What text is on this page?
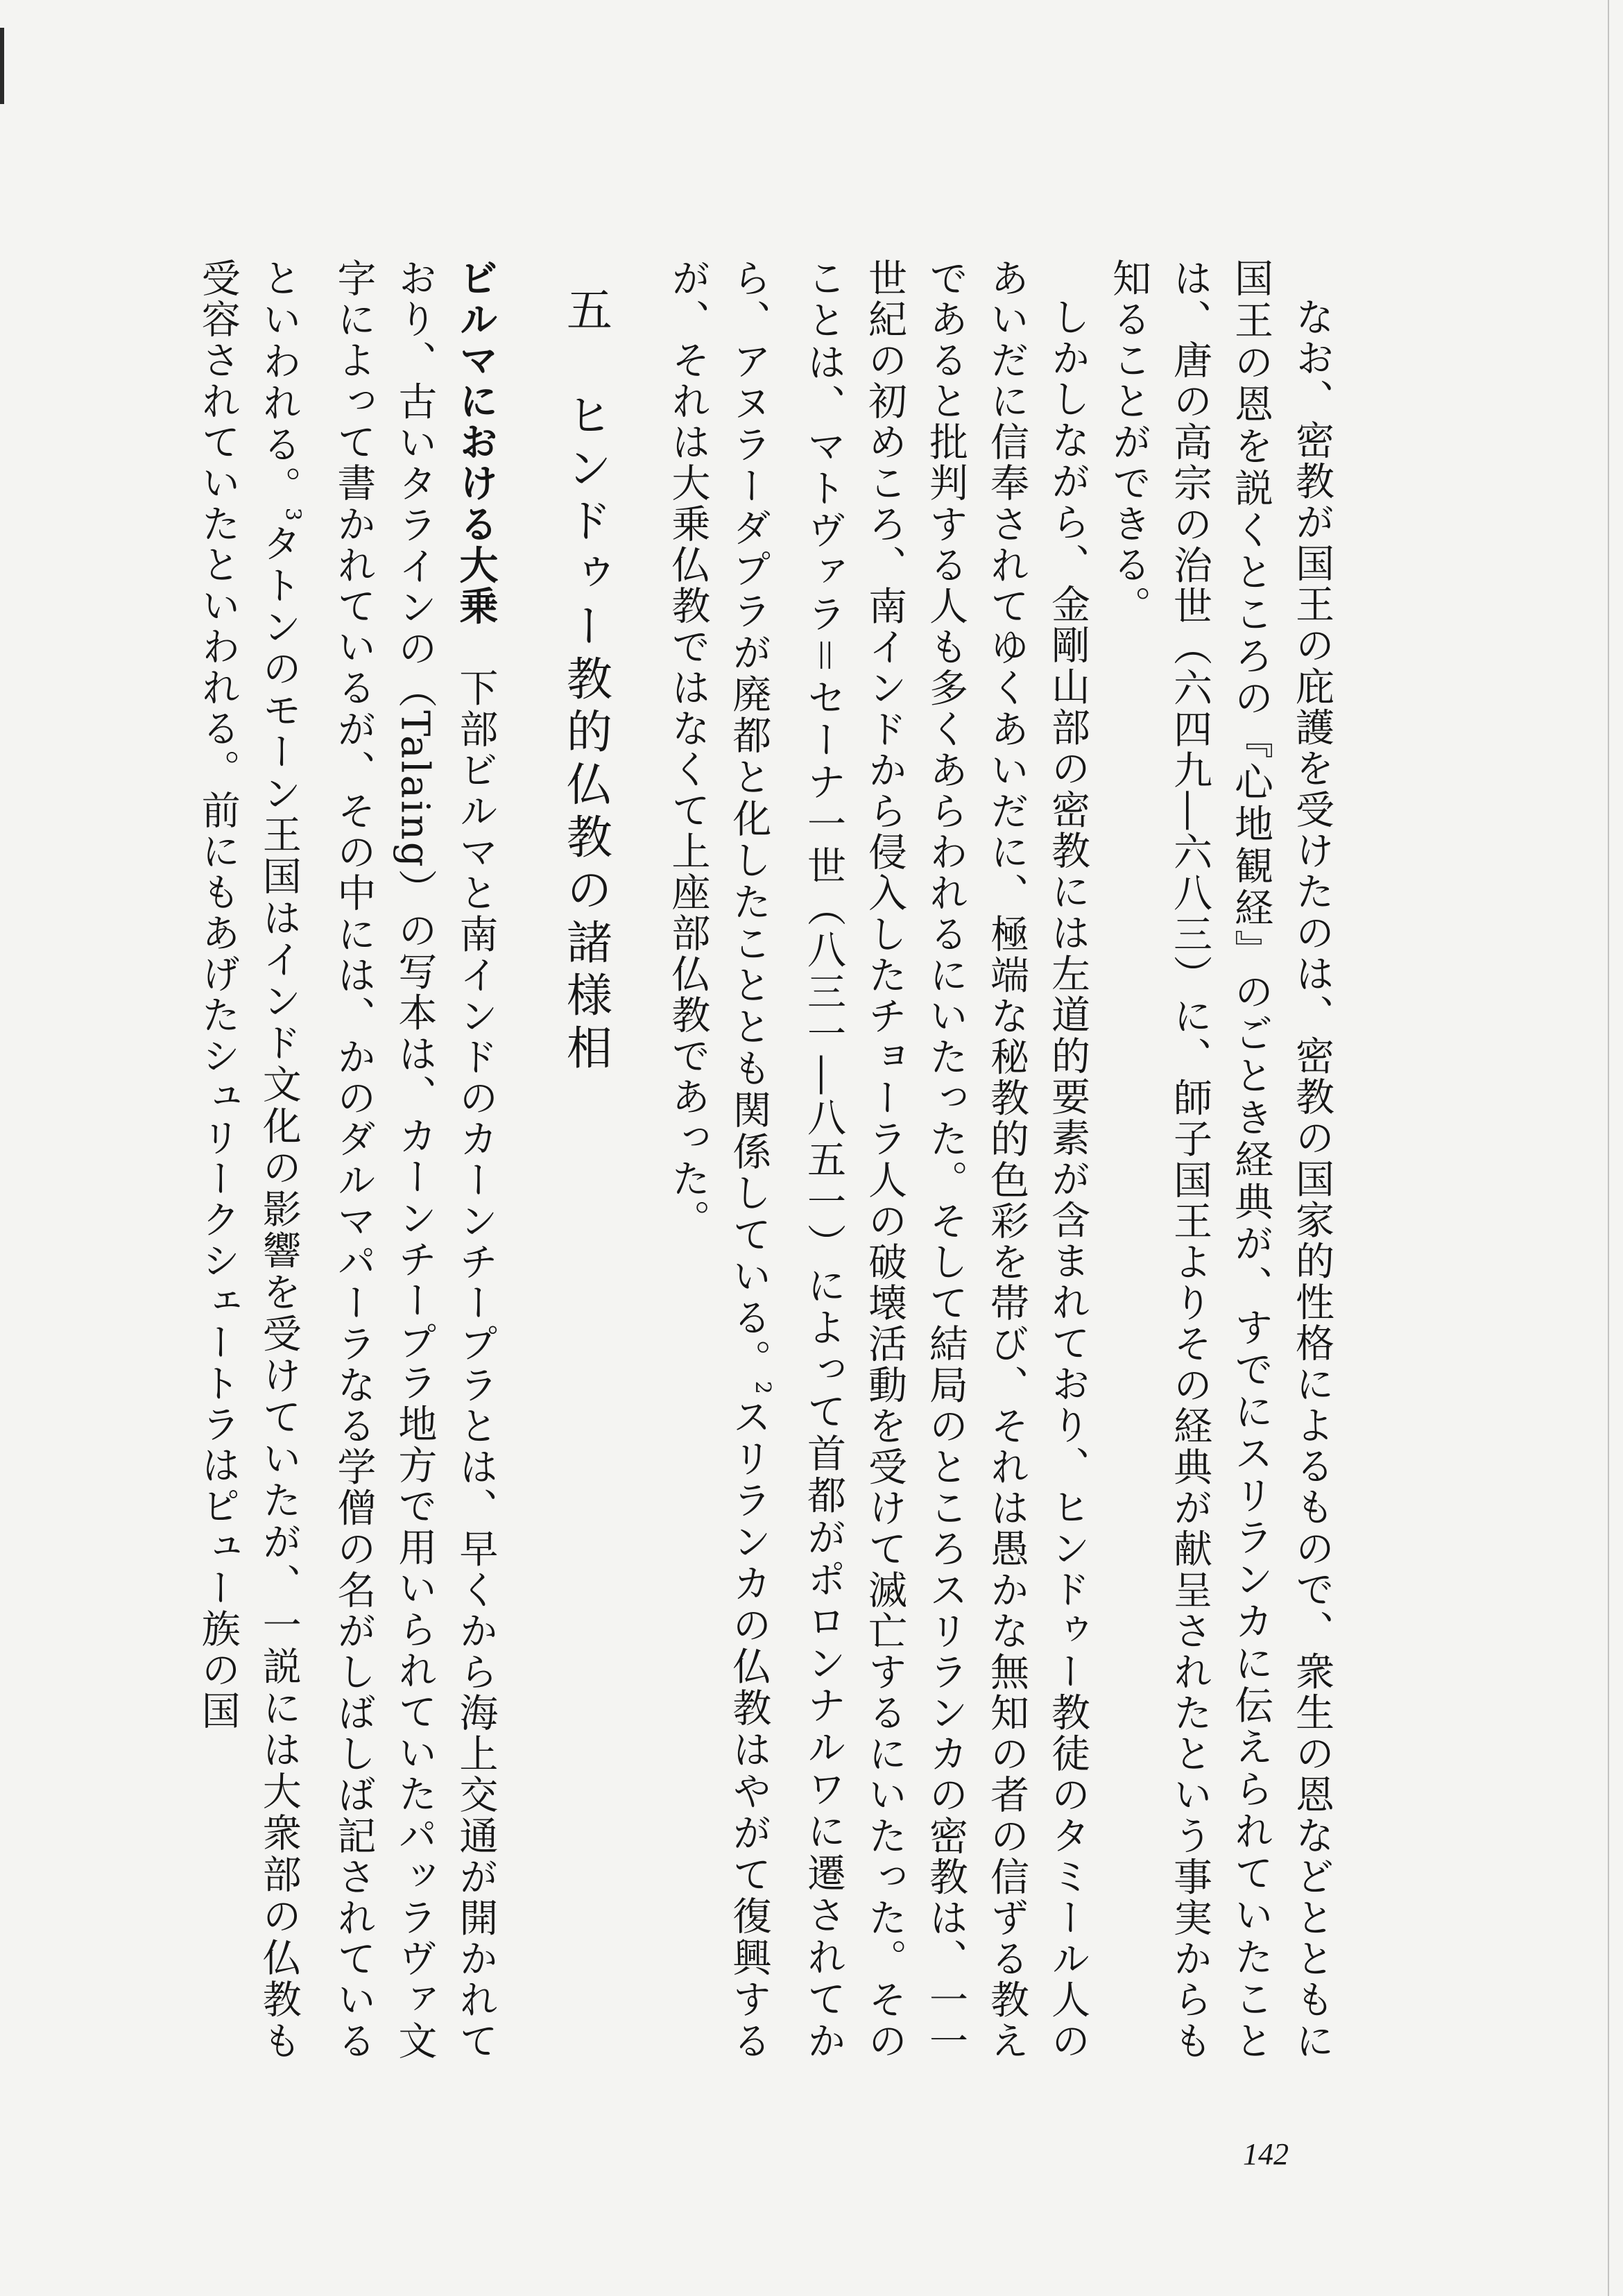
なお、密教が国王の庇護を受けたのは、密教の国家的性格によるもので、衆生の恩などとともに国王の恩を説くところの『心地観経』のごとき経典が、すでにスリランカに伝えられていたことは、唐の高宗の治世（六四九―六八三）に、師子国王よりその経典が献呈されたという事実からも知ることができる。

しかしながら、金剛山部の密教には左道的要素が含まれており、ヒンドゥー教徒のタミール人のあいだに信奉されてゆくあいだに、極端な秘教的色彩を帯び、それは愚かな無知の者の信ずる教えであると批判する人も多くあらわれるにいたった。そして結局のところスリランカの密教は、一一世紀の初めころ、南インドから侵入したチョーラ人の破壊活動を受けて滅亡するにいたった。そのことは、マトヴァラ＝セーナ一世（八三一―八五一）によって首都がポロンナルワに遷されてから、アヌラーダプラが廃都と化したこととも関係している。$^2$スリランカの仏教はやがて復興するが、それは大乗仏教ではなくて上座部仏教であった。

五　ヒンドゥー教的仏教の諸様相

ビルマにおける大乗　下部ビルマと南インドのカーンチープラとは、早くから海上交通が開かれており、古いタラインの（Talaing）の写本は、カーンチープラ地方で用いられていたパッラヴァ文字によって書かれているが、その中には、かのダルマパーラなる学僧の名がしばしば記されているといわれる。$^3$タトンのモーン王国はインド文化の影響を受けていたが、一説には大衆部の仏教も受容されていたといわれる。前にもあげたシュリークシェートラはピュー族の国

142
